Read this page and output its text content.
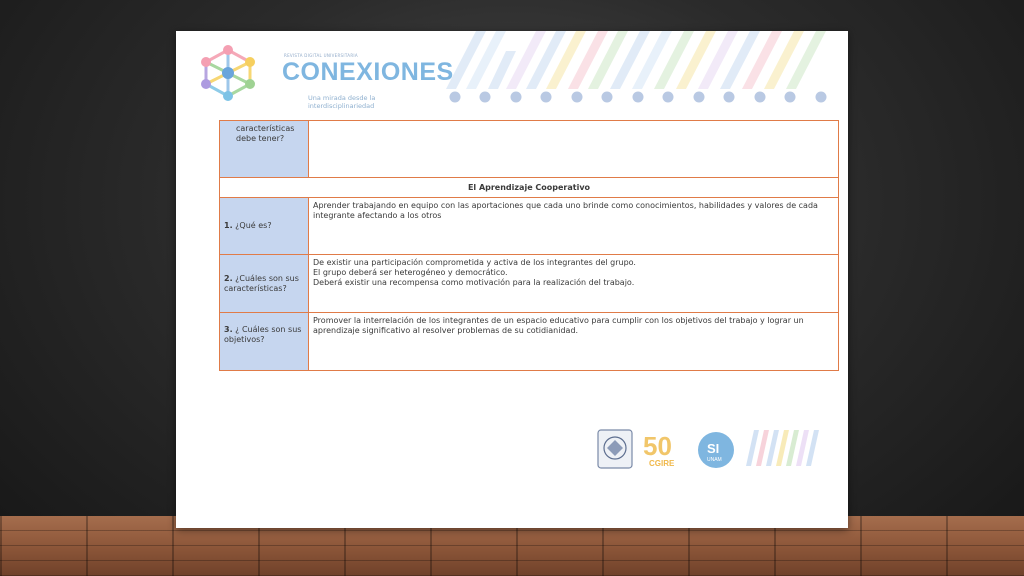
REVISTA DIGITAL UNIVERSITARIA
CONEXIONES
Una mirada desde la interdisciplinariedad
características debe tener?	

El Aprendizaje Cooperativo	
1. ¿Qué es?	Aprender trabajando en equipo con las aportaciones que cada uno brinde como conocimientos, habilidades y valores de cada integrante afectando a los otros

2. ¿Cuáles son sus características?	De existir una participación comprometida y activa de los integrantes del grupo.
El grupo deberá ser heterogéneo y democrático.
Deberá existir una recompensa como motivación para la realización del trabajo.

3. ¿ Cuáles son sus objetivos?	Promover la interrelación de los integrantes de un espacio educativo para cumplir con los objetivos del trabajo y lograr un aprendizaje significativo al resolver problemas de su cotidianidad.
50
CGIRE
SI
UNAM
